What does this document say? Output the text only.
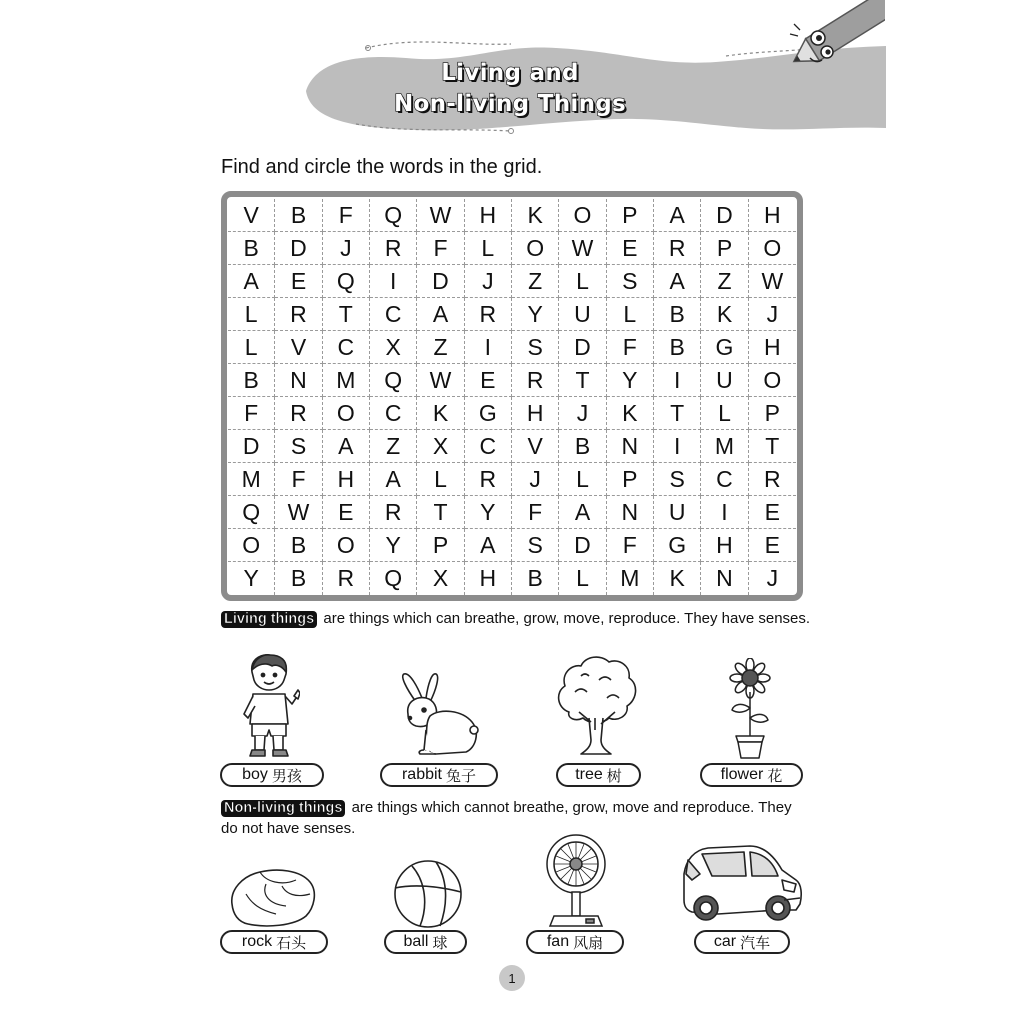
Living and
Non-living Things
Find and circle the words in the grid.
V	B	F	Q	W	H	K	O	P	A	D	H
B	D	J	R	F	L	O	W	E	R	P	O
A	E	Q	I	D	J	Z	L	S	A	Z	W
L	R	T	C	A	R	Y	U	L	B	K	J
L	V	C	X	Z	I	S	D	F	B	G	H
B	N	M	Q	W	E	R	T	Y	I	U	O
F	R	O	C	K	G	H	J	K	T	L	P
D	S	A	Z	X	C	V	B	N	I	M	T
M	F	H	A	L	R	J	L	P	S	C	R
Q	W	E	R	T	Y	F	A	N	U	I	E
O	B	O	Y	P	A	S	D	F	G	H	E
Y	B	R	Q	X	H	B	L	M	K	N	J
Living things are things which can breathe, grow, move, reproduce. They have senses.
boy 男孩	rabbit 兔子	tree 树	flower 花
Non-living things are things which cannot breathe, grow, move and reproduce. They do not have senses.
rock 石头	ball 球	fan 风扇	car 汽车
1
